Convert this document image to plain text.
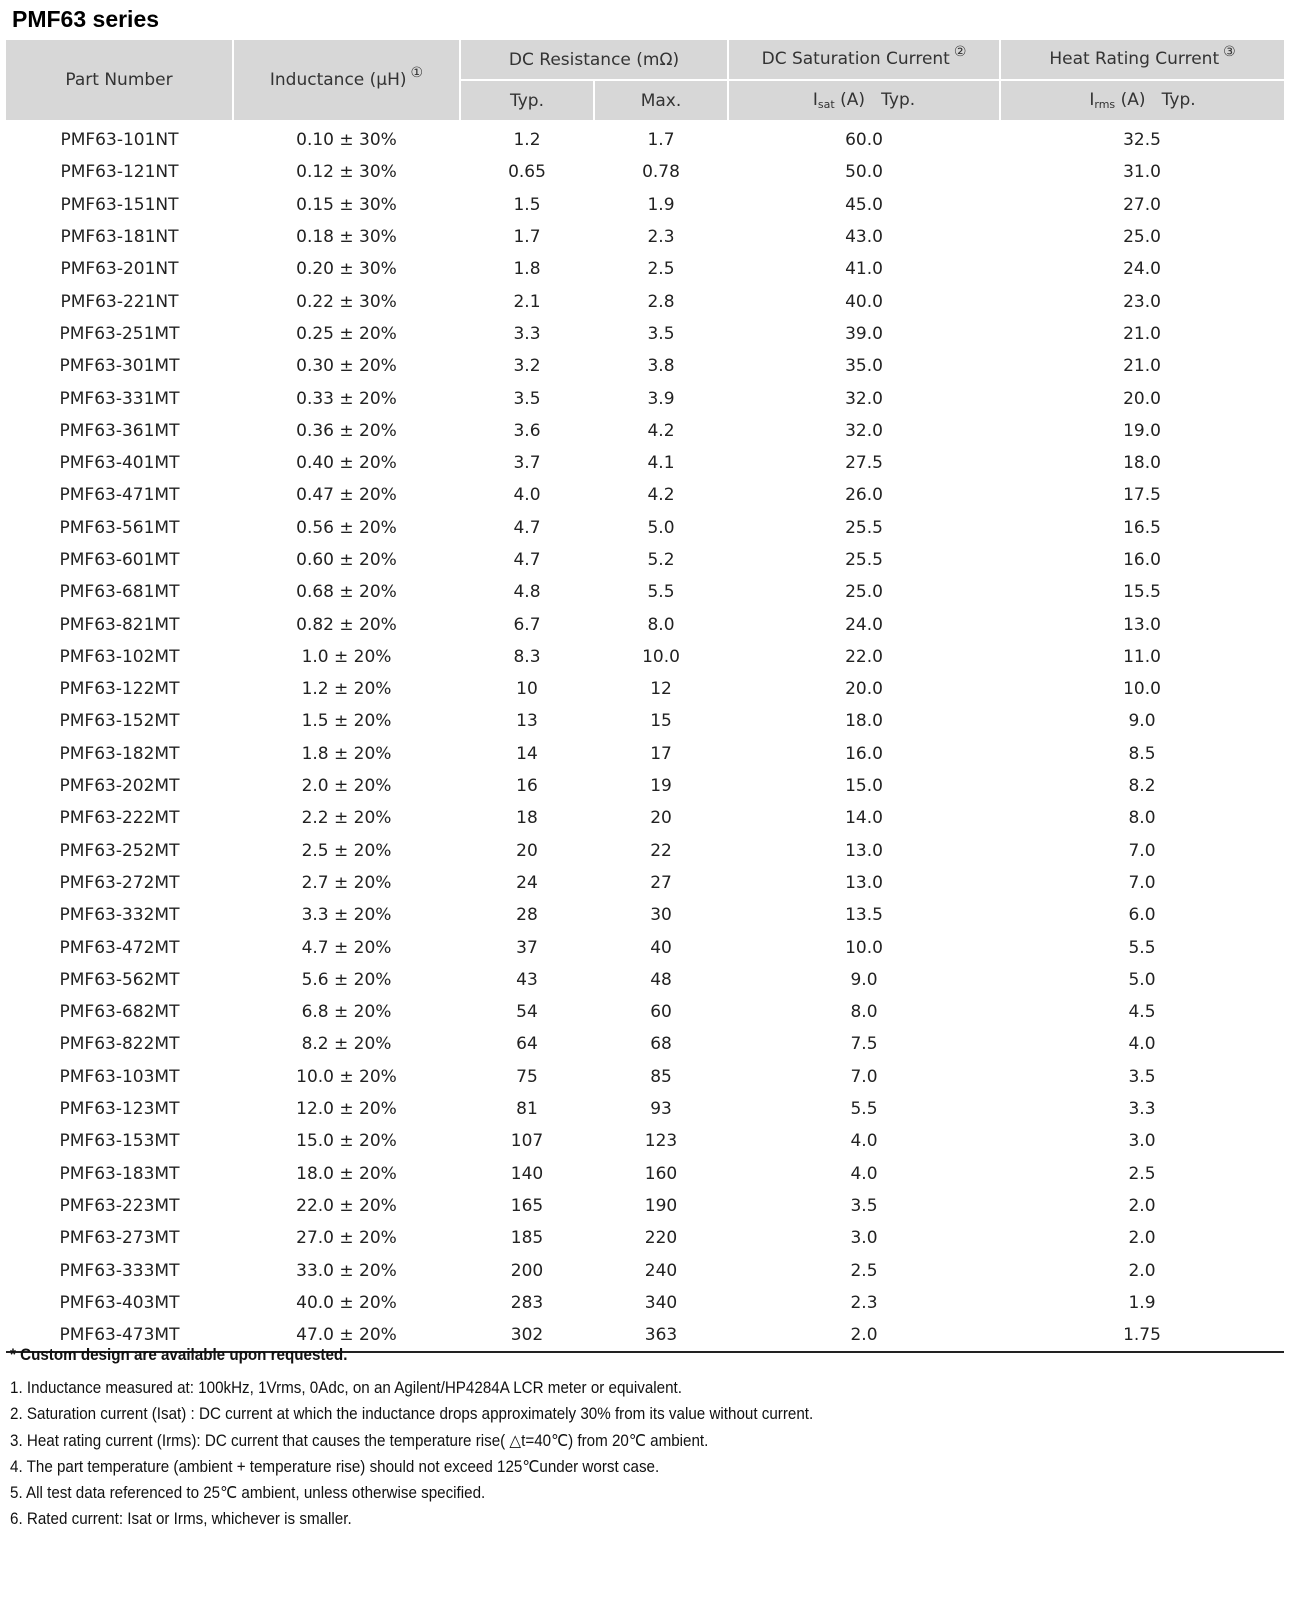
PMF63 series
Part Number	Inductance (μH) ①	DC Resistance (mΩ)		DC Saturation Current ②	Heat Rating Current ③
		Typ.	Max.	$I_{sat}$ (A)   Typ.	$I_{rms}$ (A)   Typ.
PMF63-101NT	0.10 ± 30%	1.2	1.7	60.0	32.5
PMF63-121NT	0.12 ± 30%	0.65	0.78	50.0	31.0
PMF63-151NT	0.15 ± 30%	1.5	1.9	45.0	27.0
PMF63-181NT	0.18 ± 30%	1.7	2.3	43.0	25.0
PMF63-201NT	0.20 ± 30%	1.8	2.5	41.0	24.0
PMF63-221NT	0.22 ± 30%	2.1	2.8	40.0	23.0
PMF63-251MT	0.25 ± 20%	3.3	3.5	39.0	21.0
PMF63-301MT	0.30 ± 20%	3.2	3.8	35.0	21.0
PMF63-331MT	0.33 ± 20%	3.5	3.9	32.0	20.0
PMF63-361MT	0.36 ± 20%	3.6	4.2	32.0	19.0
PMF63-401MT	0.40 ± 20%	3.7	4.1	27.5	18.0
PMF63-471MT	0.47 ± 20%	4.0	4.2	26.0	17.5
PMF63-561MT	0.56 ± 20%	4.7	5.0	25.5	16.5
PMF63-601MT	0.60 ± 20%	4.7	5.2	25.5	16.0
PMF63-681MT	0.68 ± 20%	4.8	5.5	25.0	15.5
PMF63-821MT	0.82 ± 20%	6.7	8.0	24.0	13.0
PMF63-102MT	1.0 ± 20%	8.3	10.0	22.0	11.0
PMF63-122MT	1.2 ± 20%	10	12	20.0	10.0
PMF63-152MT	1.5 ± 20%	13	15	18.0	9.0
PMF63-182MT	1.8 ± 20%	14	17	16.0	8.5
PMF63-202MT	2.0 ± 20%	16	19	15.0	8.2
PMF63-222MT	2.2 ± 20%	18	20	14.0	8.0
PMF63-252MT	2.5 ± 20%	20	22	13.0	7.0
PMF63-272MT	2.7 ± 20%	24	27	13.0	7.0
PMF63-332MT	3.3 ± 20%	28	30	13.5	6.0
PMF63-472MT	4.7 ± 20%	37	40	10.0	5.5
PMF63-562MT	5.6 ± 20%	43	48	9.0	5.0
PMF63-682MT	6.8 ± 20%	54	60	8.0	4.5
PMF63-822MT	8.2 ± 20%	64	68	7.5	4.0
PMF63-103MT	10.0 ± 20%	75	85	7.0	3.5
PMF63-123MT	12.0 ± 20%	81	93	5.5	3.3
PMF63-153MT	15.0 ± 20%	107	123	4.0	3.0
PMF63-183MT	18.0 ± 20%	140	160	4.0	2.5
PMF63-223MT	22.0 ± 20%	165	190	3.5	2.0
PMF63-273MT	27.0 ± 20%	185	220	3.0	2.0
PMF63-333MT	33.0 ± 20%	200	240	2.5	2.0
PMF63-403MT	40.0 ± 20%	283	340	2.3	1.9
PMF63-473MT	47.0 ± 20%	302	363	2.0	1.75
* Custom design are available upon requested.
1. Inductance measured at: 100kHz, 1Vrms, 0Adc, on an Agilent/HP4284A LCR meter or equivalent.
2. Saturation current (Isat) : DC current at which the inductance drops approximately 30% from its value without current.
3. Heat rating current (Irms): DC current that causes the temperature rise( △t=40℃) from 20℃ ambient.
4. The part temperature (ambient + temperature rise) should not exceed 125℃under worst case.
5. All test data referenced to 25℃ ambient, unless otherwise specified.
6. Rated current: Isat or Irms, whichever is smaller.
